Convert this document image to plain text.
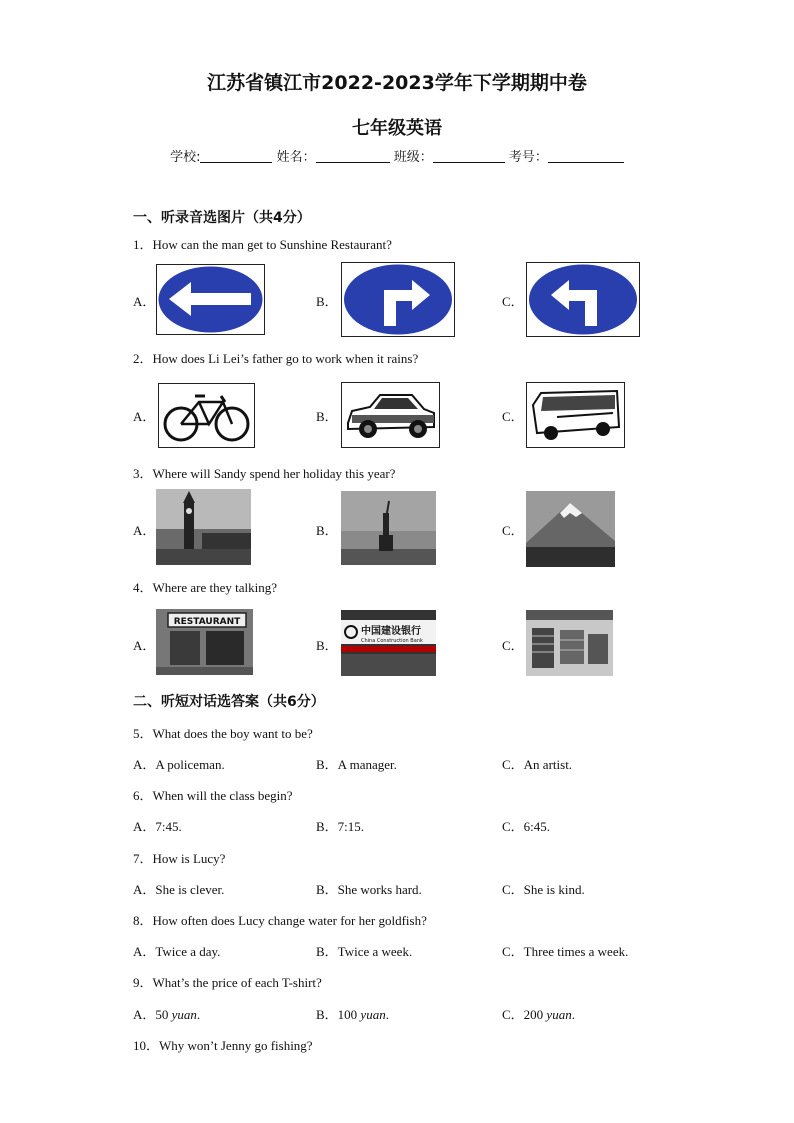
江苏省镇江市2022-2023学年下学期期中卷
七年级英语
学校:	姓名：	班级：	考号：
一、听录音选图片（共4分）
1．How can the man get to Sunshine Restaurant?
A．	B．	C．
2．How does Li Lei’s father go to work when it rains?
A．	B．	C．
3．Where will Sandy spend her holiday this year?
A．	B．	C．
4．Where are they talking?
A．	B．	C．
RESTAURANT
中国建设银行
China Construction Bank
二、听短对话选答案（共6分）
5．What does the boy want to be?
A．A policeman.	B．A manager.	C．An artist.
6．When will the class begin?
A．7:45.	B．7:15.	C．6:45.
7．How is Lucy?
A．She is clever.	B．She works hard.	C．She is kind.
8．How often does Lucy change water for her goldfish?
A．Twice a day.	B．Twice a week.	C．Three times a week.
9．What’s the price of each T-shirt?
A．50 yuan.	B．100 yuan.	C．200 yuan.
10．Why won’t Jenny go fishing?
